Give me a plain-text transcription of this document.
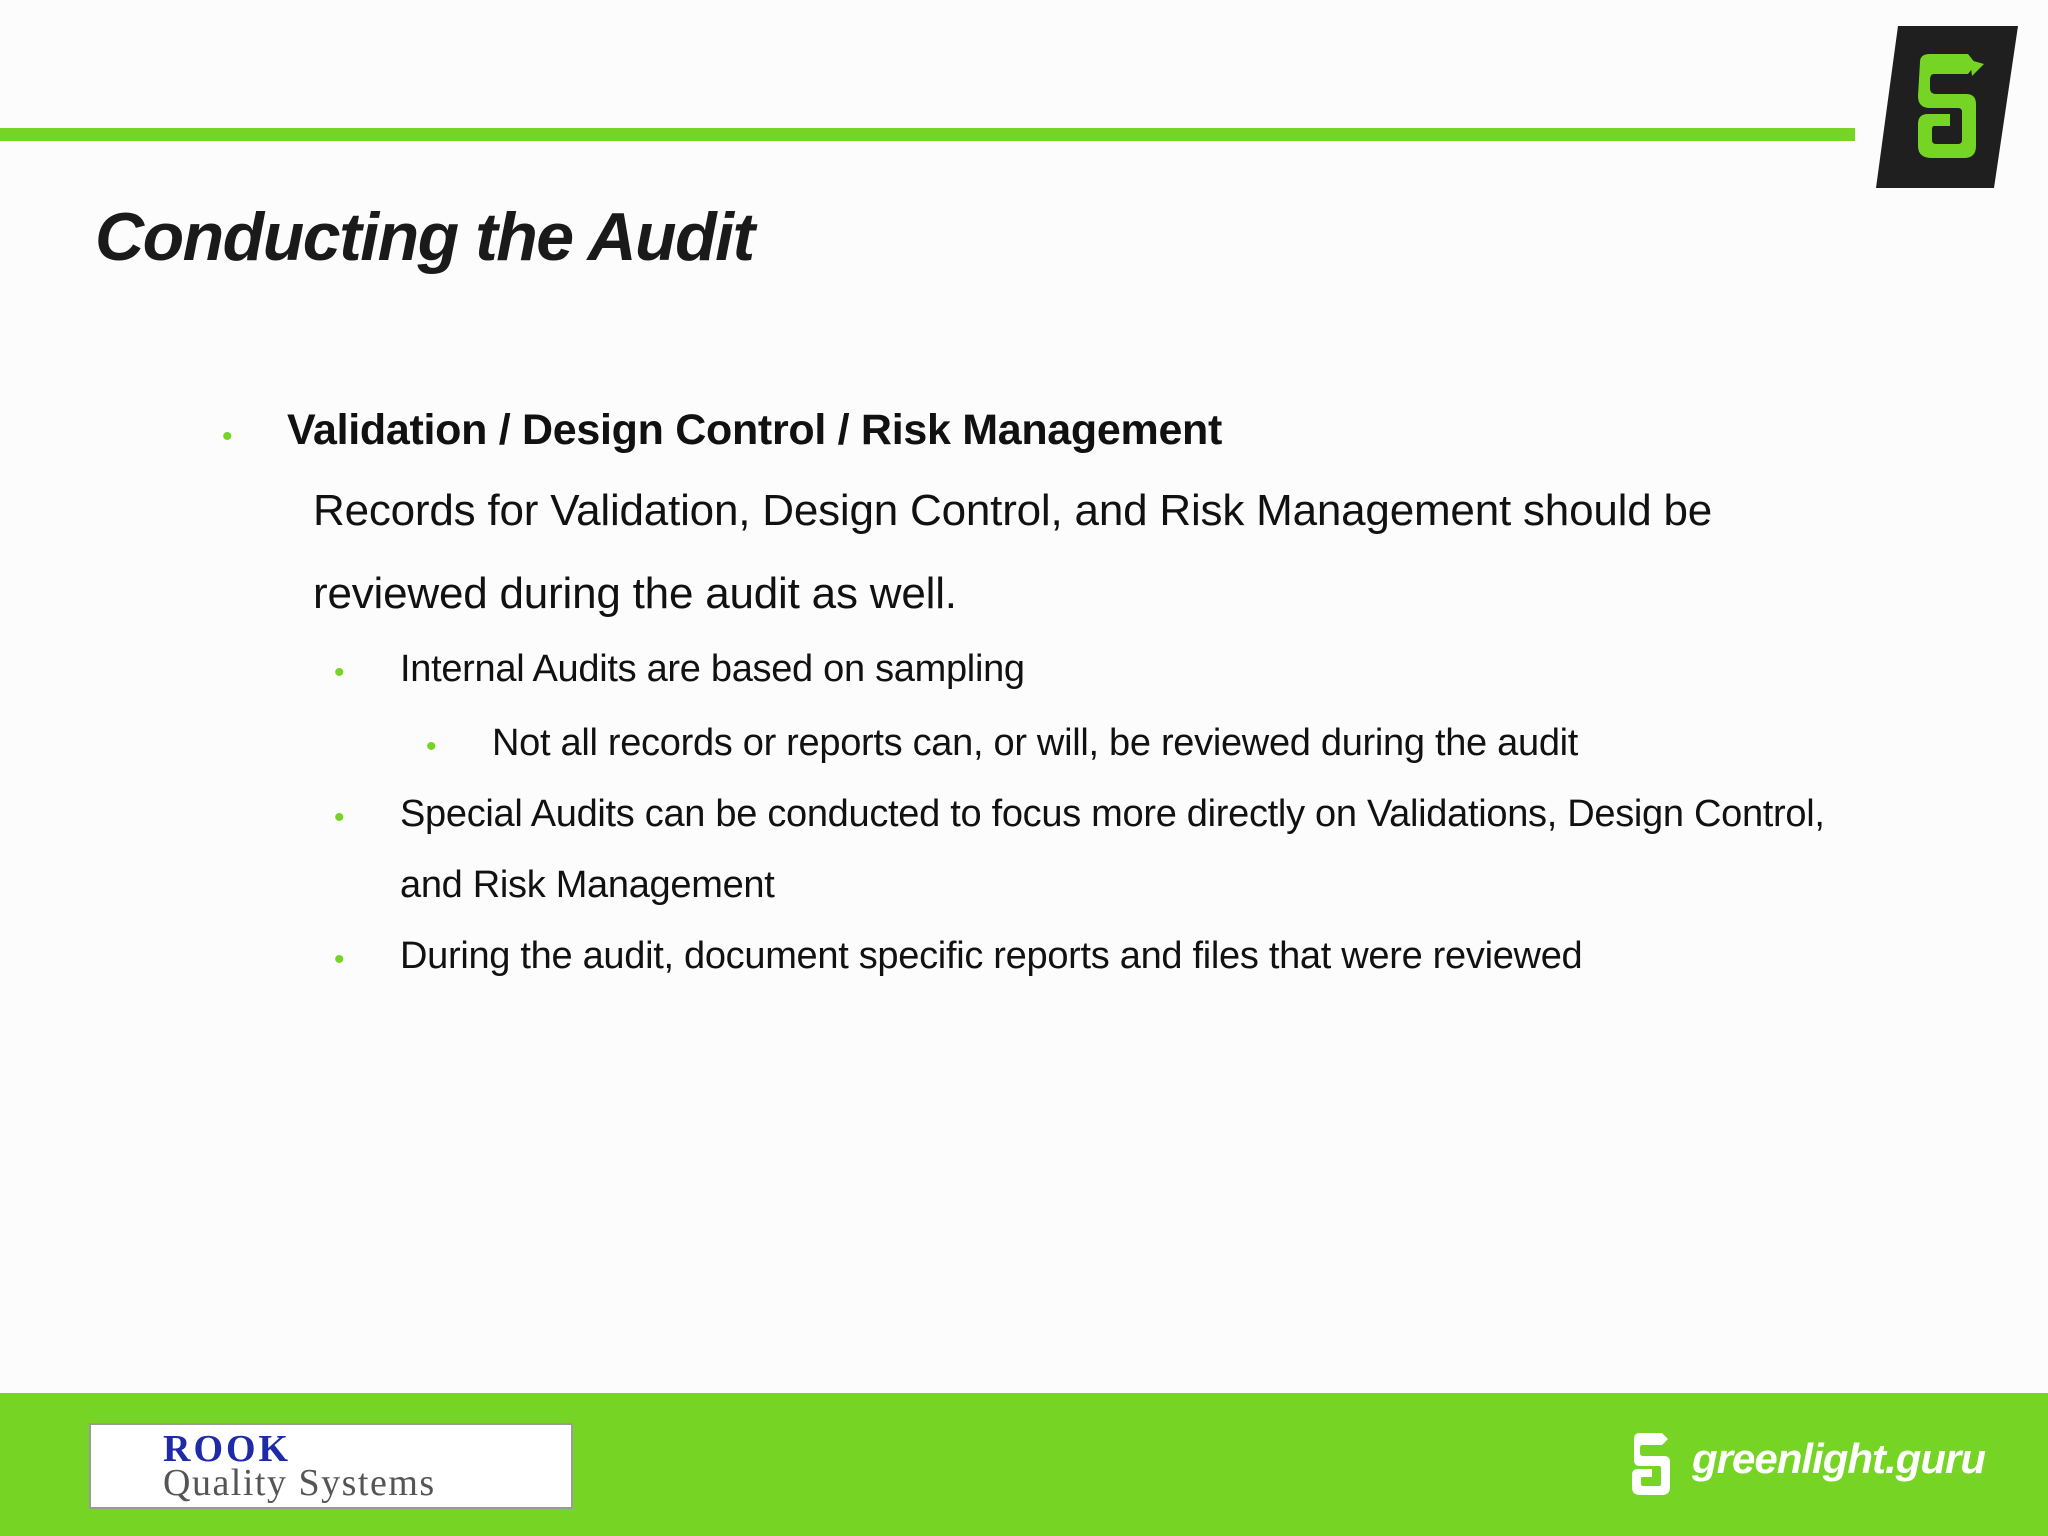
Conducting the Audit
• Validation / Design Control / Risk Management
Records for Validation, Design Control, and Risk Management should be
reviewed during the audit as well.
• Internal Audits are based on sampling
• Not all records or reports can, or will, be reviewed during the audit
• Special Audits can be conducted to focus more directly on Validations, Design Control,
and Risk Management
• During the audit, document specific reports and files that were reviewed
ROOK
Quality Systems
greenlight.guru
